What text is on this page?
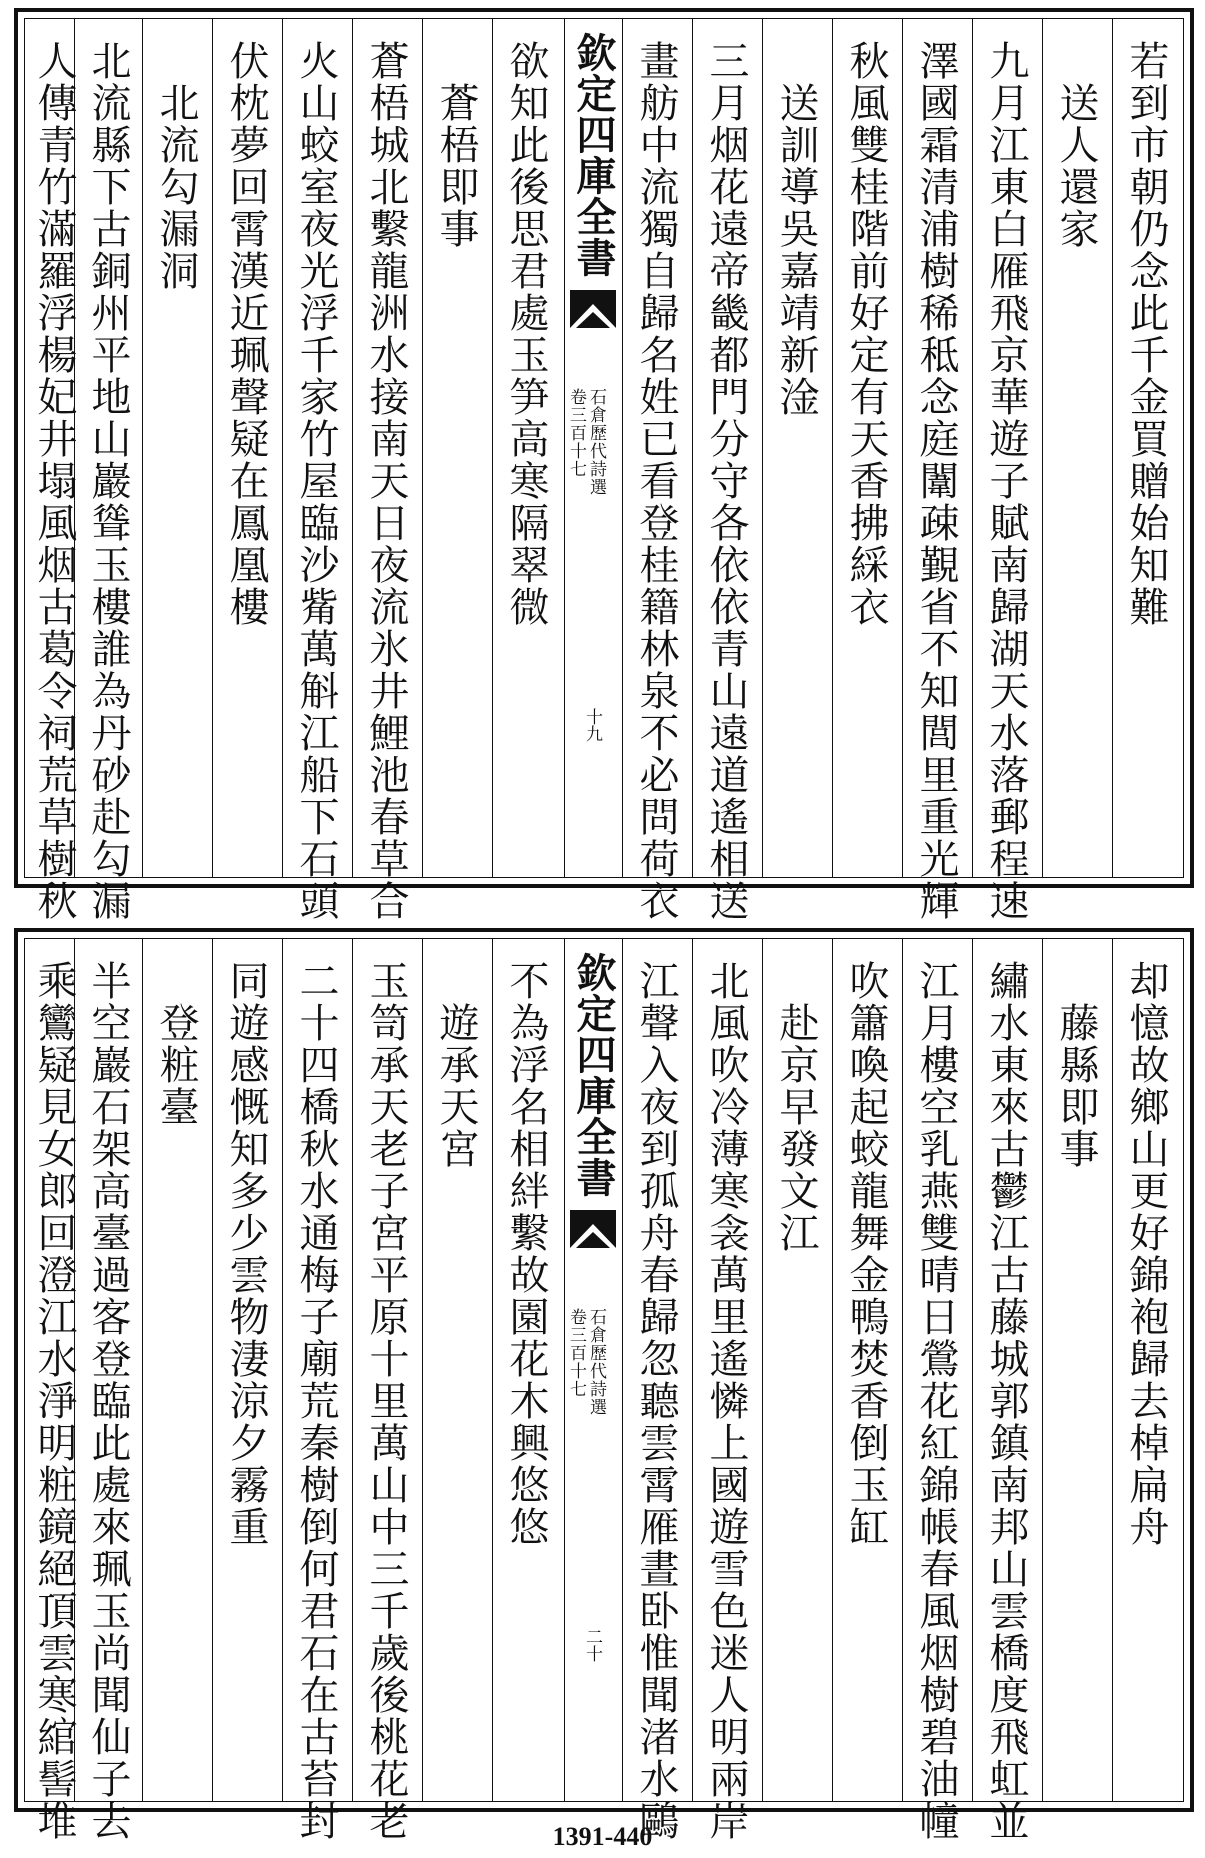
若到市朝仍念此千金買贈始知難
　送人還家
九月江東白雁飛京華遊子賦南歸湖天水落郵程速
澤國霜清浦樹稀秪念庭闈疎覲省不知閭里重光輝
秋風雙桂階前好定有天香拂綵衣
　送訓導吳嘉靖新淦
三月烟花遠帝畿都門分守各依依青山遠道遙相送
畫舫中流獨自歸名姓已看登桂籍林泉不必問荷衣
欽定四庫全書
石倉歷代詩選
卷三百十七
十九
欲知此後思君處玉笋高寒隔翠微
　蒼梧即事
蒼梧城北繫龍洲水接南天日夜流氷井鯉池春草合
火山蛟室夜光浮千家竹屋臨沙觜萬斛江船下石頭
伏枕夢回霄漢近珮聲疑在鳳凰樓
　北流勾漏洞
北流縣下古銅州平地山巖聳玉樓誰為丹砂赴勾漏
人傳青竹滿羅浮楊妃井塌風烟古葛令祠荒草樹秋
却憶故鄉山更好錦袍歸去棹扁舟
　藤縣即事
繡水東來古鬱江古藤城郭鎮南邦山雲橋度飛虹並
江月樓空乳燕雙晴日鶯花紅錦帳春風烟樹碧油幢
吹簫喚起蛟龍舞金鴨焚香倒玉缸
　赴京早發文江
北風吹冷薄寒衾萬里遙憐上國遊雪色迷人明兩岸
江聲入夜到孤舟春歸忽聽雲霄雁晝卧惟聞渚水鷗
欽定四庫全書
石倉歷代詩選
卷三百十七
二十
不為浮名相絆繫故園花木興悠悠
　遊承天宮
玉笥承天老子宮平原十里萬山中三千歲後桃花老
二十四橋秋水通梅子廟荒秦樹倒何君石在古苔封
同遊感慨知多少雲物淒涼夕霧重
　登粧臺
半空巖石架高臺過客登臨此處來珮玉尚聞仙子去
乘鸞疑見女郎回澄江水淨明粧鏡絕頂雲寒綰髻堆	1391-440
